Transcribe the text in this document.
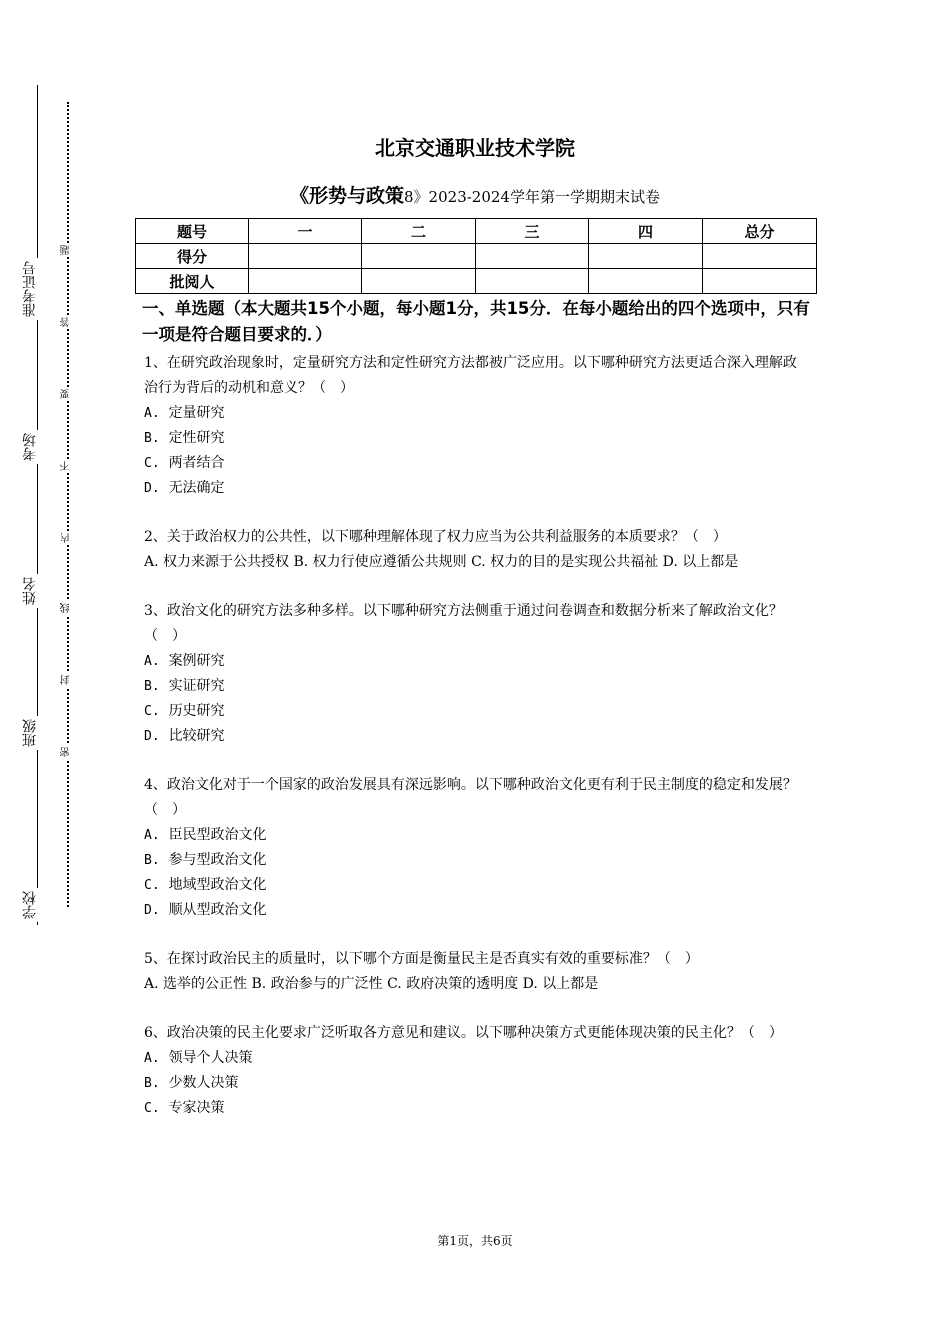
准考证号
考场
姓名
班级
学校
题
答
要
不
内
线
封
密
北京交通职业技术学院
《形势与政策8》2023-2024学年第一学期期末试卷
题号	一	二	三	四	总分
得分					
批阅人					
一、单选题（本大题共15个小题，每小题1分，共15分．在每小题给出的四个选项中，只有一项是符合题目要求的．）
1、在研究政治现象时，定量研究方法和定性研究方法都被广泛应用。以下哪种研究方法更适合深入理解政治行为背后的动机和意义？（　）
A. 定量研究
B. 定性研究
C. 两者结合
D. 无法确定
2、关于政治权力的公共性，以下哪种理解体现了权力应当为公共利益服务的本质要求？（　）
A. 权力来源于公共授权 B. 权力行使应遵循公共规则 C. 权力的目的是实现公共福祉 D. 以上都是
3、政治文化的研究方法多种多样。以下哪种研究方法侧重于通过问卷调查和数据分析来了解政治文化？（　）
A. 案例研究
B. 实证研究
C. 历史研究
D. 比较研究
4、政治文化对于一个国家的政治发展具有深远影响。以下哪种政治文化更有利于民主制度的稳定和发展？（　）
A. 臣民型政治文化
B. 参与型政治文化
C. 地域型政治文化
D. 顺从型政治文化
5、在探讨政治民主的质量时，以下哪个方面是衡量民主是否真实有效的重要标准？（　）
A. 选举的公正性 B. 政治参与的广泛性 C. 政府决策的透明度 D. 以上都是
6、政治决策的民主化要求广泛听取各方意见和建议。以下哪种决策方式更能体现决策的民主化？（　）
A. 领导个人决策
B. 少数人决策
C. 专家决策
第1页，共6页
